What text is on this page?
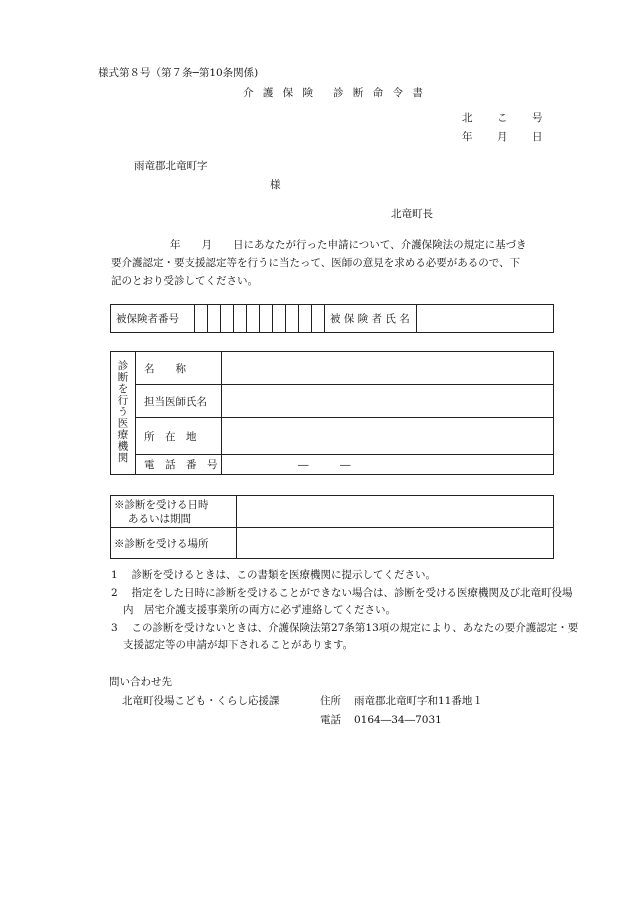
様式第８号（第７条─第10条関係)
介 護 保 険 診 断 命 令 書
北 こ 号
年 月 日
雨竜郡北竜町字
様
北竜町長
年　　月　　日にあなたが行った申請について、介護保険法の規定に基づき
要介護認定・要支援認定等を行うに当たって、医師の意見を求める必要があるので、下
記のとおり受診してください。
被保険者番号											被 保 険 者 氏 名	
診断を行う医療機関	名　　称	
	担当医師氏名	
	所　在　地	
	電　話　番　号	―　　　―
※診断を受ける日時
あるいは期間	

※診断を受ける場所	
1　 診断を受けるときは、この書類を医療機関に提示してください。
2　 指定をした日時に診断を受けることができない場合は、診断を受ける医療機関及び北竜町役場内　居宅介護支援事業所の両方に必ず連絡してください。
3　 この診断を受けないときは、介護保険法第27条第13項の規定により、あなたの要介護認定・要支援認定等の申請が却下されることがあります。
問い合わせ先
北竜町役場こども・くらし応援課	住所 雨竜郡北竜町字和11番地１
電話 0164―34―7031
